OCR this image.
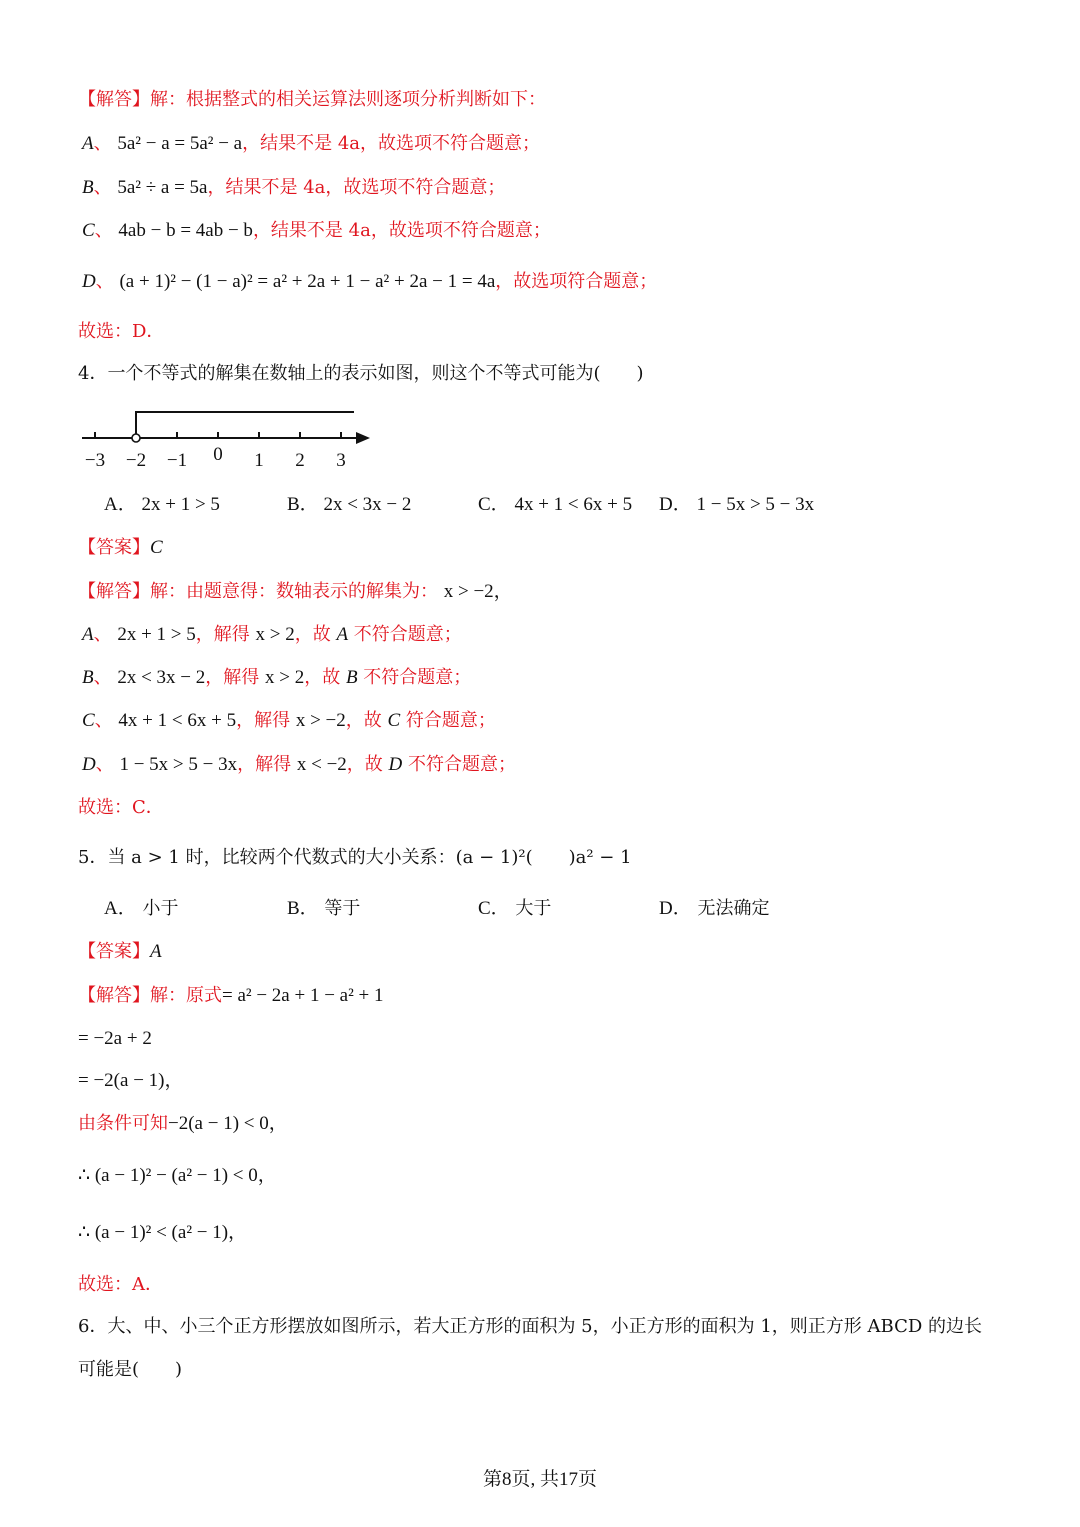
【解答】解：根据整式的相关运算法则逐项分析判断如下：
A、 5a² − a = 5a² − a，结果不是 4a，故选项不符合题意；
B、 5a² ÷ a = 5a，结果不是 4a，故选项不符合题意；
C、 4ab − b = 4ab − b，结果不是 4a，故选项不符合题意；
D、 (a + 1)² − (1 − a)² = a² + 2a + 1 − a² + 2a − 1 = 4a，故选项符合题意；
故选：D．
4．一个不等式的解集在数轴上的表示如图，则这个不等式可能为(　　)
−3	−2	−1	0	1	2	3
A． 2x + 1 > 5	B． 2x < 3x − 2	C． 4x + 1 < 6x + 5 D． 1 − 5x > 5 − 3x
【答案】C
【解答】解：由题意得：数轴表示的解集为： x > −2，
A、 2x + 1 > 5，解得 x > 2，故 A 不符合题意；
B、 2x < 3x − 2，解得 x > 2，故 B 不符合题意；
C、 4x + 1 < 6x + 5，解得 x > −2，故 C 符合题意；
D、 1 − 5x > 5 − 3x，解得 x < −2，故 D 不符合题意；
故选：C．
5．当 a > 1 时，比较两个代数式的大小关系：(a − 1)²(　　)a² − 1
A． 小于	B． 等于	C． 大于	D． 无法确定
【答案】A
【解答】解：原式= a² − 2a + 1 − a² + 1
= −2a + 2
= −2(a − 1)，
由条件可知−2(a − 1) < 0，
∴ (a − 1)² − (a² − 1) < 0，
∴ (a − 1)² < (a² − 1)，
故选：A．
6．大、中、小三个正方形摆放如图所示，若大正方形的面积为 5，小正方形的面积为 1，则正方形 ABCD 的边长
可能是(　　)
第8页, 共17页
